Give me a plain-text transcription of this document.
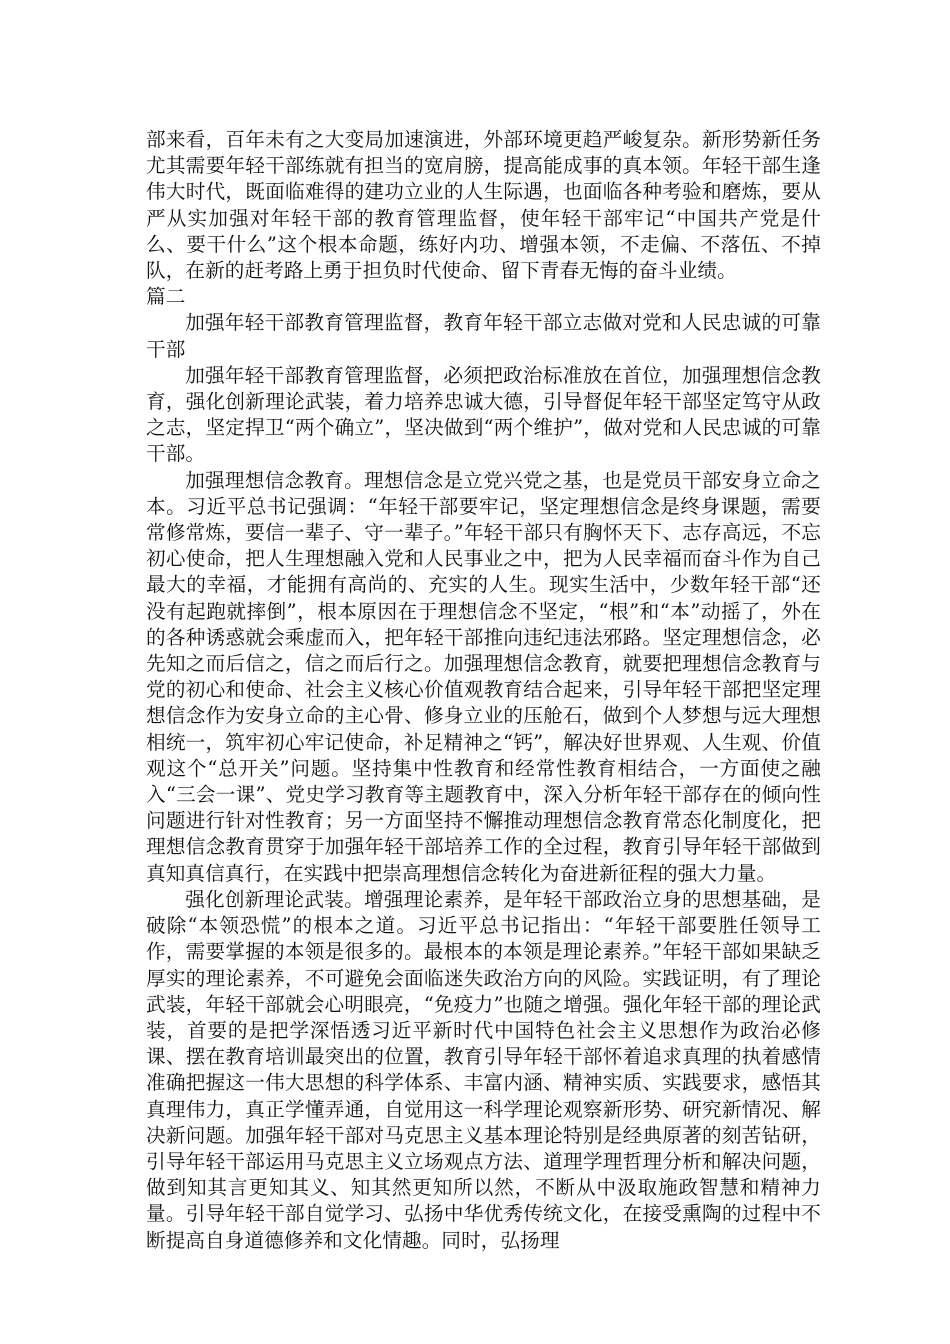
部来看，百年未有之大变局加速演进，外部环境更趋严峻复杂。新形势新任务尤其需要年轻干部练就有担当的宽肩膀，提高能成事的真本领。年轻干部生逢伟大时代，既面临难得的建功立业的人生际遇，也面临各种考验和磨炼，要从严从实加强对年轻干部的教育管理监督，使年轻干部牢记“中国共产党是什么、要干什么”这个根本命题，练好内功、增强本领，不走偏、不落伍、不掉队，在新的赶考路上勇于担负时代使命、留下青春无悔的奋斗业绩。

篇二

加强年轻干部教育管理监督，教育年轻干部立志做对党和人民忠诚的可靠干部

加强年轻干部教育管理监督，必须把政治标准放在首位，加强理想信念教育，强化创新理论武装，着力培养忠诚大德，引导督促年轻干部坚定笃守从政之志，坚定捍卫“两个确立”，坚决做到“两个维护”，做对党和人民忠诚的可靠干部。

加强理想信念教育。理想信念是立党兴党之基，也是党员干部安身立命之本。习近平总书记强调：“年轻干部要牢记，坚定理想信念是终身课题，需要常修常炼，要信一辈子、守一辈子。”年轻干部只有胸怀天下、志存高远，不忘初心使命，把人生理想融入党和人民事业之中，把为人民幸福而奋斗作为自己最大的幸福，才能拥有高尚的、充实的人生。现实生活中，少数年轻干部“还没有起跑就摔倒”，根本原因在于理想信念不坚定，“根”和“本”动摇了，外在的各种诱惑就会乘虚而入，把年轻干部推向违纪违法邪路。坚定理想信念，必先知之而后信之，信之而后行之。加强理想信念教育，就要把理想信念教育与党的初心和使命、社会主义核心价值观教育结合起来，引导年轻干部把坚定理想信念作为安身立命的主心骨、修身立业的压舱石，做到个人梦想与远大理想相统一，筑牢初心牢记使命，补足精神之“钙”，解决好世界观、人生观、价值观这个“总开关”问题。坚持集中性教育和经常性教育相结合，一方面使之融入“三会一课”、党史学习教育等主题教育中，深入分析年轻干部存在的倾向性问题进行针对性教育；另一方面坚持不懈推动理想信念教育常态化制度化，把理想信念教育贯穿于加强年轻干部培养工作的全过程，教育引导年轻干部做到真知真信真行，在实践中把崇高理想信念转化为奋进新征程的强大力量。

强化创新理论武装。增强理论素养，是年轻干部政治立身的思想基础，是破除“本领恐慌”的根本之道。习近平总书记指出：“年轻干部要胜任领导工作，需要掌握的本领是很多的。最根本的本领是理论素养。”年轻干部如果缺乏厚实的理论素养，不可避免会面临迷失政治方向的风险。实践证明，有了理论武装，年轻干部就会心明眼亮，“免疫力”也随之增强。强化年轻干部的理论武装，首要的是把学深悟透习近平新时代中国特色社会主义思想作为政治必修课、摆在教育培训最突出的位置，教育引导年轻干部怀着追求真理的执着感情准确把握这一伟大思想的科学体系、丰富内涵、精神实质、实践要求，感悟其真理伟力，真正学懂弄通，自觉用这一科学理论观察新形势、研究新情况、解决新问题。加强年轻干部对马克思主义基本理论特别是经典原著的刻苦钻研，引导年轻干部运用马克思主义立场观点方法、道理学理哲理分析和解决问题，做到知其言更知其义、知其然更知所以然，不断从中汲取施政智慧和精神力量。引导年轻干部自觉学习、弘扬中华优秀传统文化，在接受熏陶的过程中不断提高自身道德修养和文化情趣。同时，弘扬理
